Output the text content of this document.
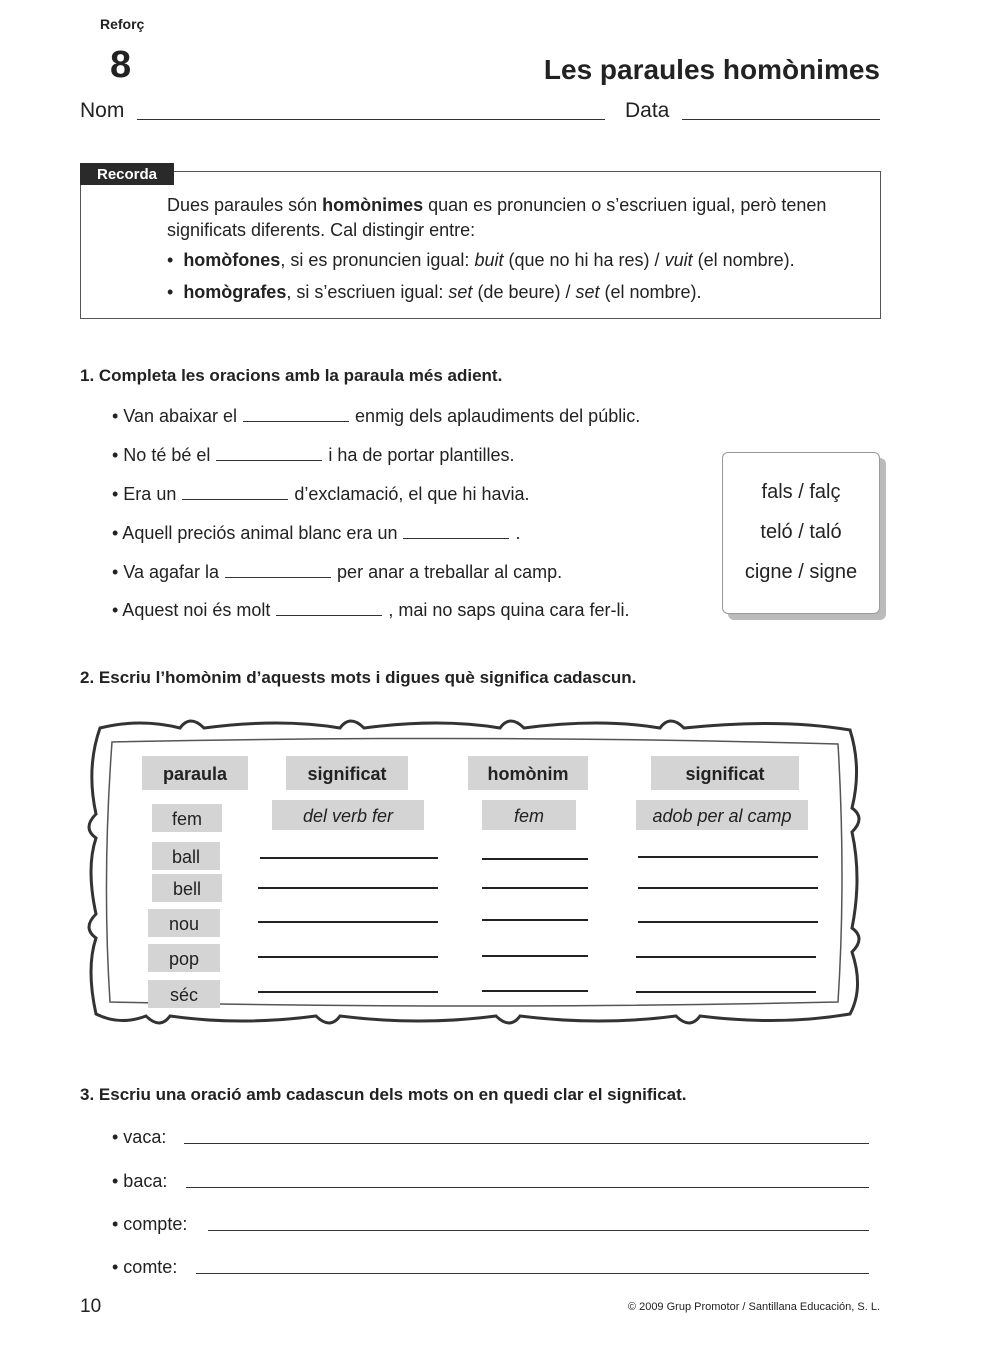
Reforç
8	Les paraules homònimes
Nom	Data
Recorda
Dues paraules són homònimes quan es pronuncien o s’escriuen igual, però tenen significats diferents. Cal distingir entre:
•  homòfones, si es pronuncien igual: buit (que no hi ha res) / vuit (el nombre).
•  homògrafes, si s’escriuen igual: set (de beure) / set (el nombre).
1. Completa les oracions amb la paraula més adient.
• Van abaixar el	enmig dels aplaudiments del públic.
• No té bé el	i ha de portar plantilles.
• Era un	d’exclamació, el que hi havia.
• Aquell preciós animal blanc era un	.
• Va agafar la	per anar a treballar al camp.
• Aquest noi és molt	, mai no saps quina cara fer-li.
fals / falç
teló / taló
cigne / signe
2. Escriu l’homònim d’aquests mots i digues què significa cadascun.
paraula	significat	homònim	significat
fem	del verb fer	fem	adob per al camp
ball
bell
nou
pop
séc
3. Escriu una oració amb cadascun dels mots on en quedi clar el significat.
• vaca:
• baca:
• compte:
• comte:
10	© 2009 Grup Promotor / Santillana Educación, S. L.
